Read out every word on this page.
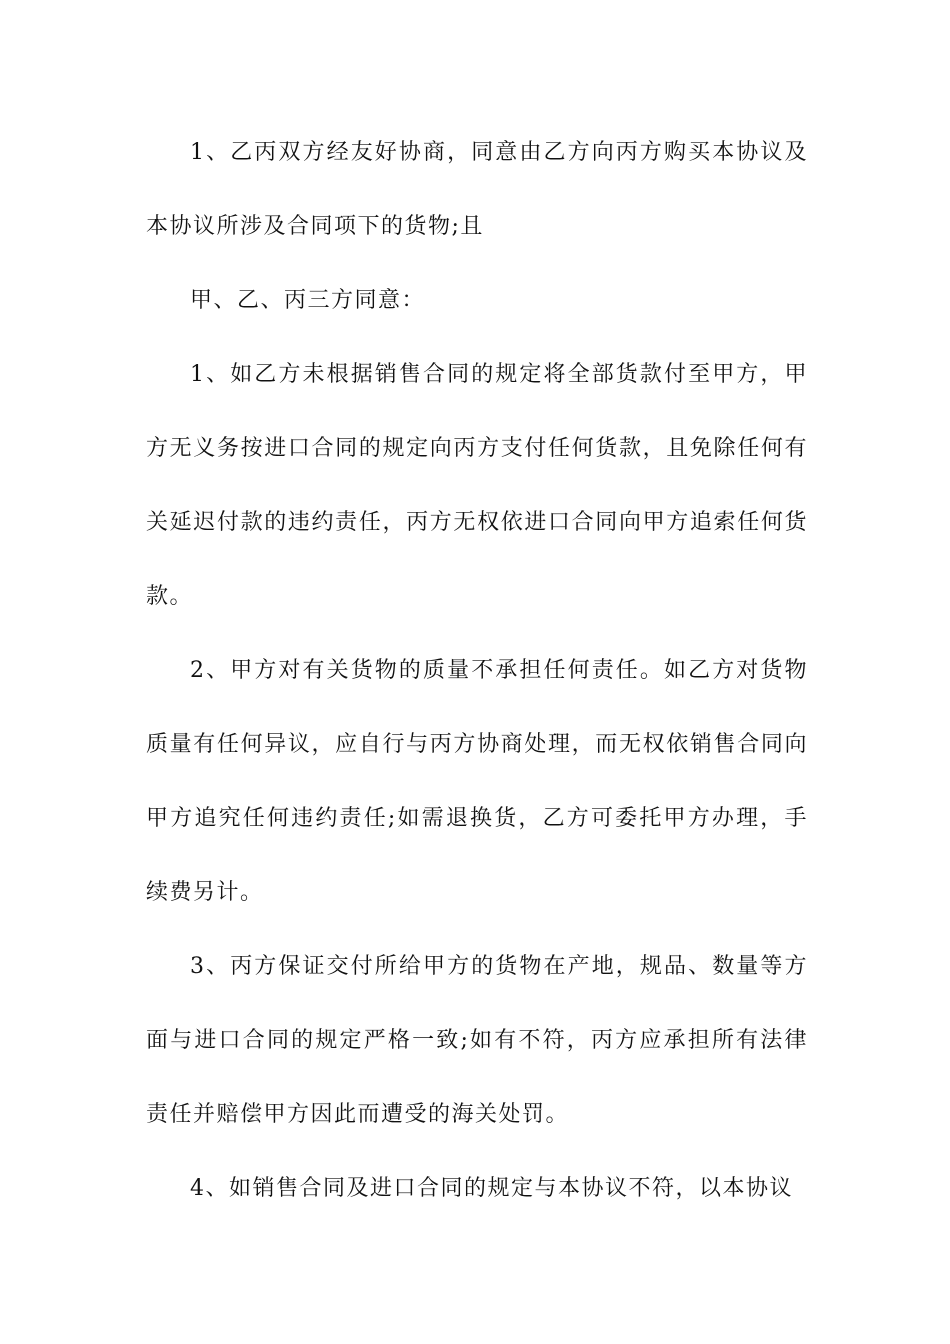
1、乙丙双方经友好协商，同意由乙方向丙方购买本协议及本协议所涉及合同项下的货物;且

甲、乙、丙三方同意：

1、如乙方未根据销售合同的规定将全部货款付至甲方，甲方无义务按进口合同的规定向丙方支付任何货款，且免除任何有关延迟付款的违约责任，丙方无权依进口合同向甲方追索任何货款。

2、甲方对有关货物的质量不承担任何责任。如乙方对货物质量有任何异议，应自行与丙方协商处理，而无权依销售合同向甲方追究任何违约责任;如需退换货，乙方可委托甲方办理，手续费另计。

3、丙方保证交付所给甲方的货物在产地，规品、数量等方面与进口合同的规定严格一致;如有不符，丙方应承担所有法律责任并赔偿甲方因此而遭受的海关处罚。

4、如销售合同及进口合同的规定与本协议不符，以本协议
